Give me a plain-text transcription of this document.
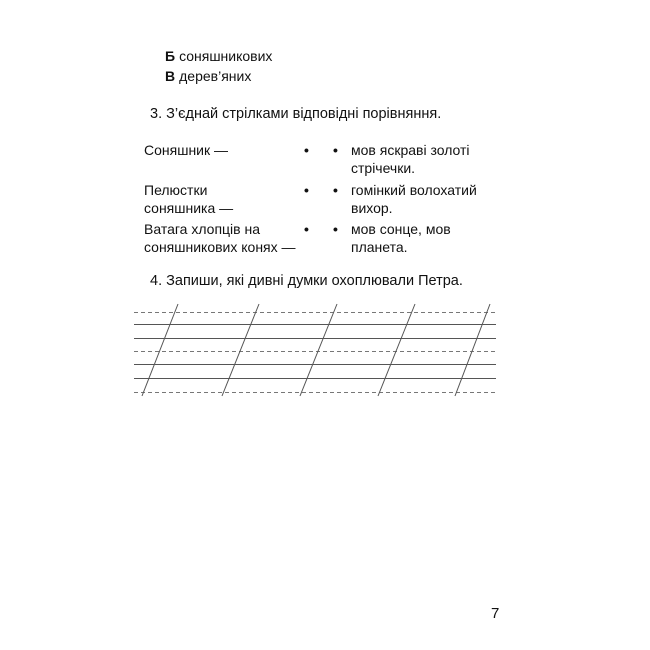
Б соняшникових
В дерев’яних
3. З’єднай стрілками відповідні порівняння.
Соняшник —
Пелюстки соняшника —
Ватага хлопців на соняшникових конях —
• •
• •
• •
мов яскраві золоті стрічечки.
гомінкий волохатий вихор.
мов сонце, мов планета.
4. Запиши, які дивні думки охоплювали Петра.
7
